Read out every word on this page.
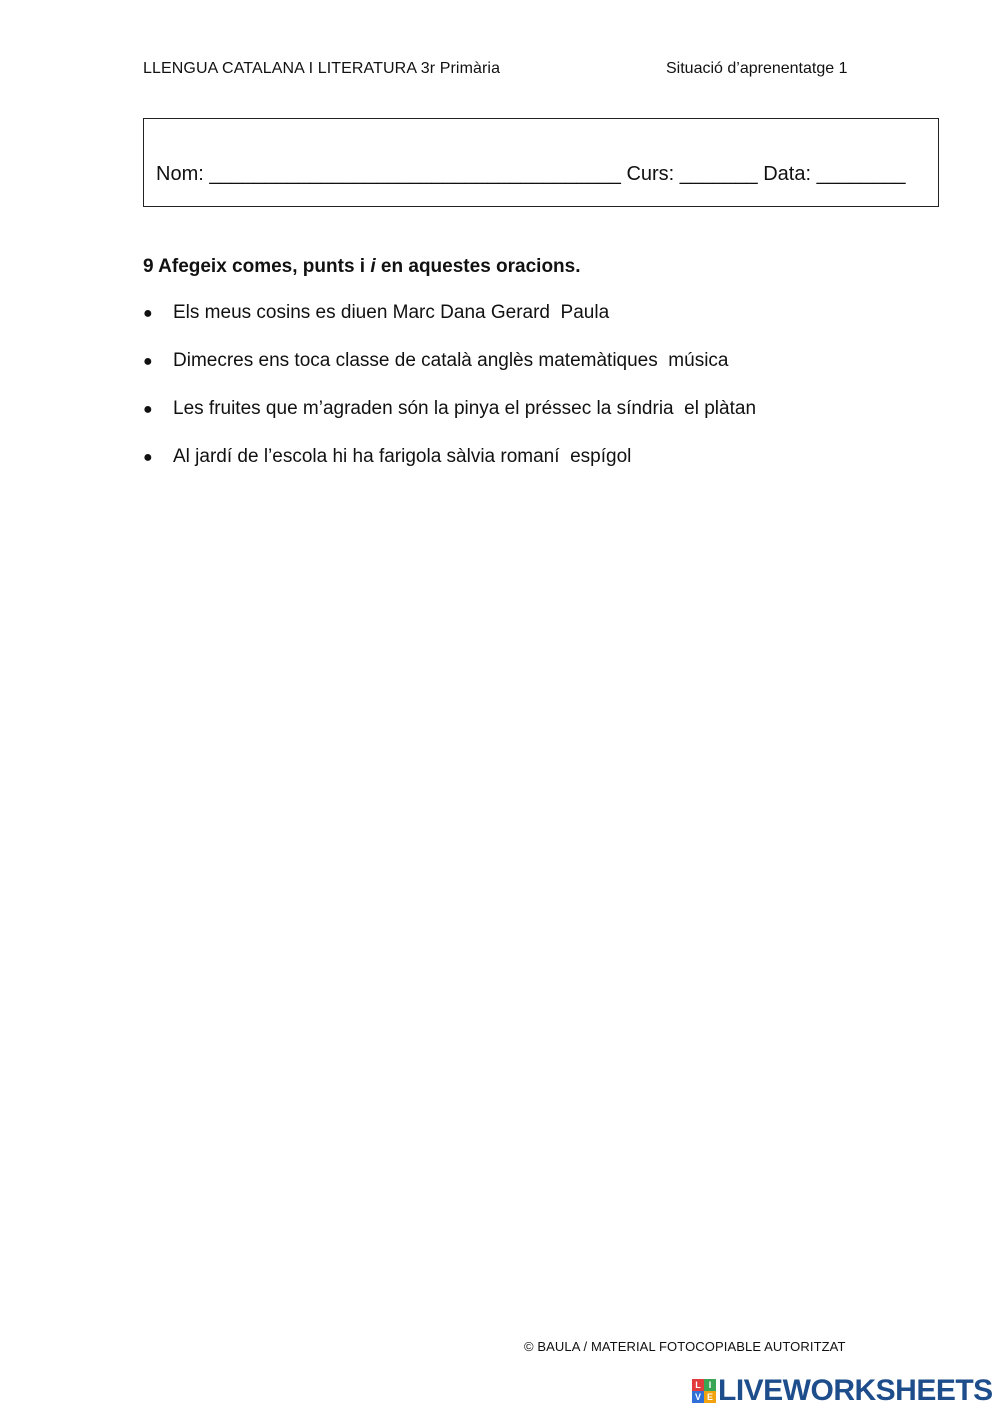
LLENGUA CATALANA I LITERATURA 3r Primària	Situació d’aprenentatge 1
Nom: _____________________________________ Curs: _______ Data: ________
9 Afegeix comes, punts i i en aquestes oracions.
● Els meus cosins es diuen Marc Dana Gerard  Paula
● Dimecres ens toca classe de català anglès matemàtiques  música
● Les fruites que m’agraden són la pinya el préssec la síndria  el plàtan
● Al jardí de l’escola hi ha farigola sàlvia romaní  espígol
© BAULA / MATERIAL FOTOCOPIABLE AUTORITZAT
L I
V E LIVEWORKSHEETS
